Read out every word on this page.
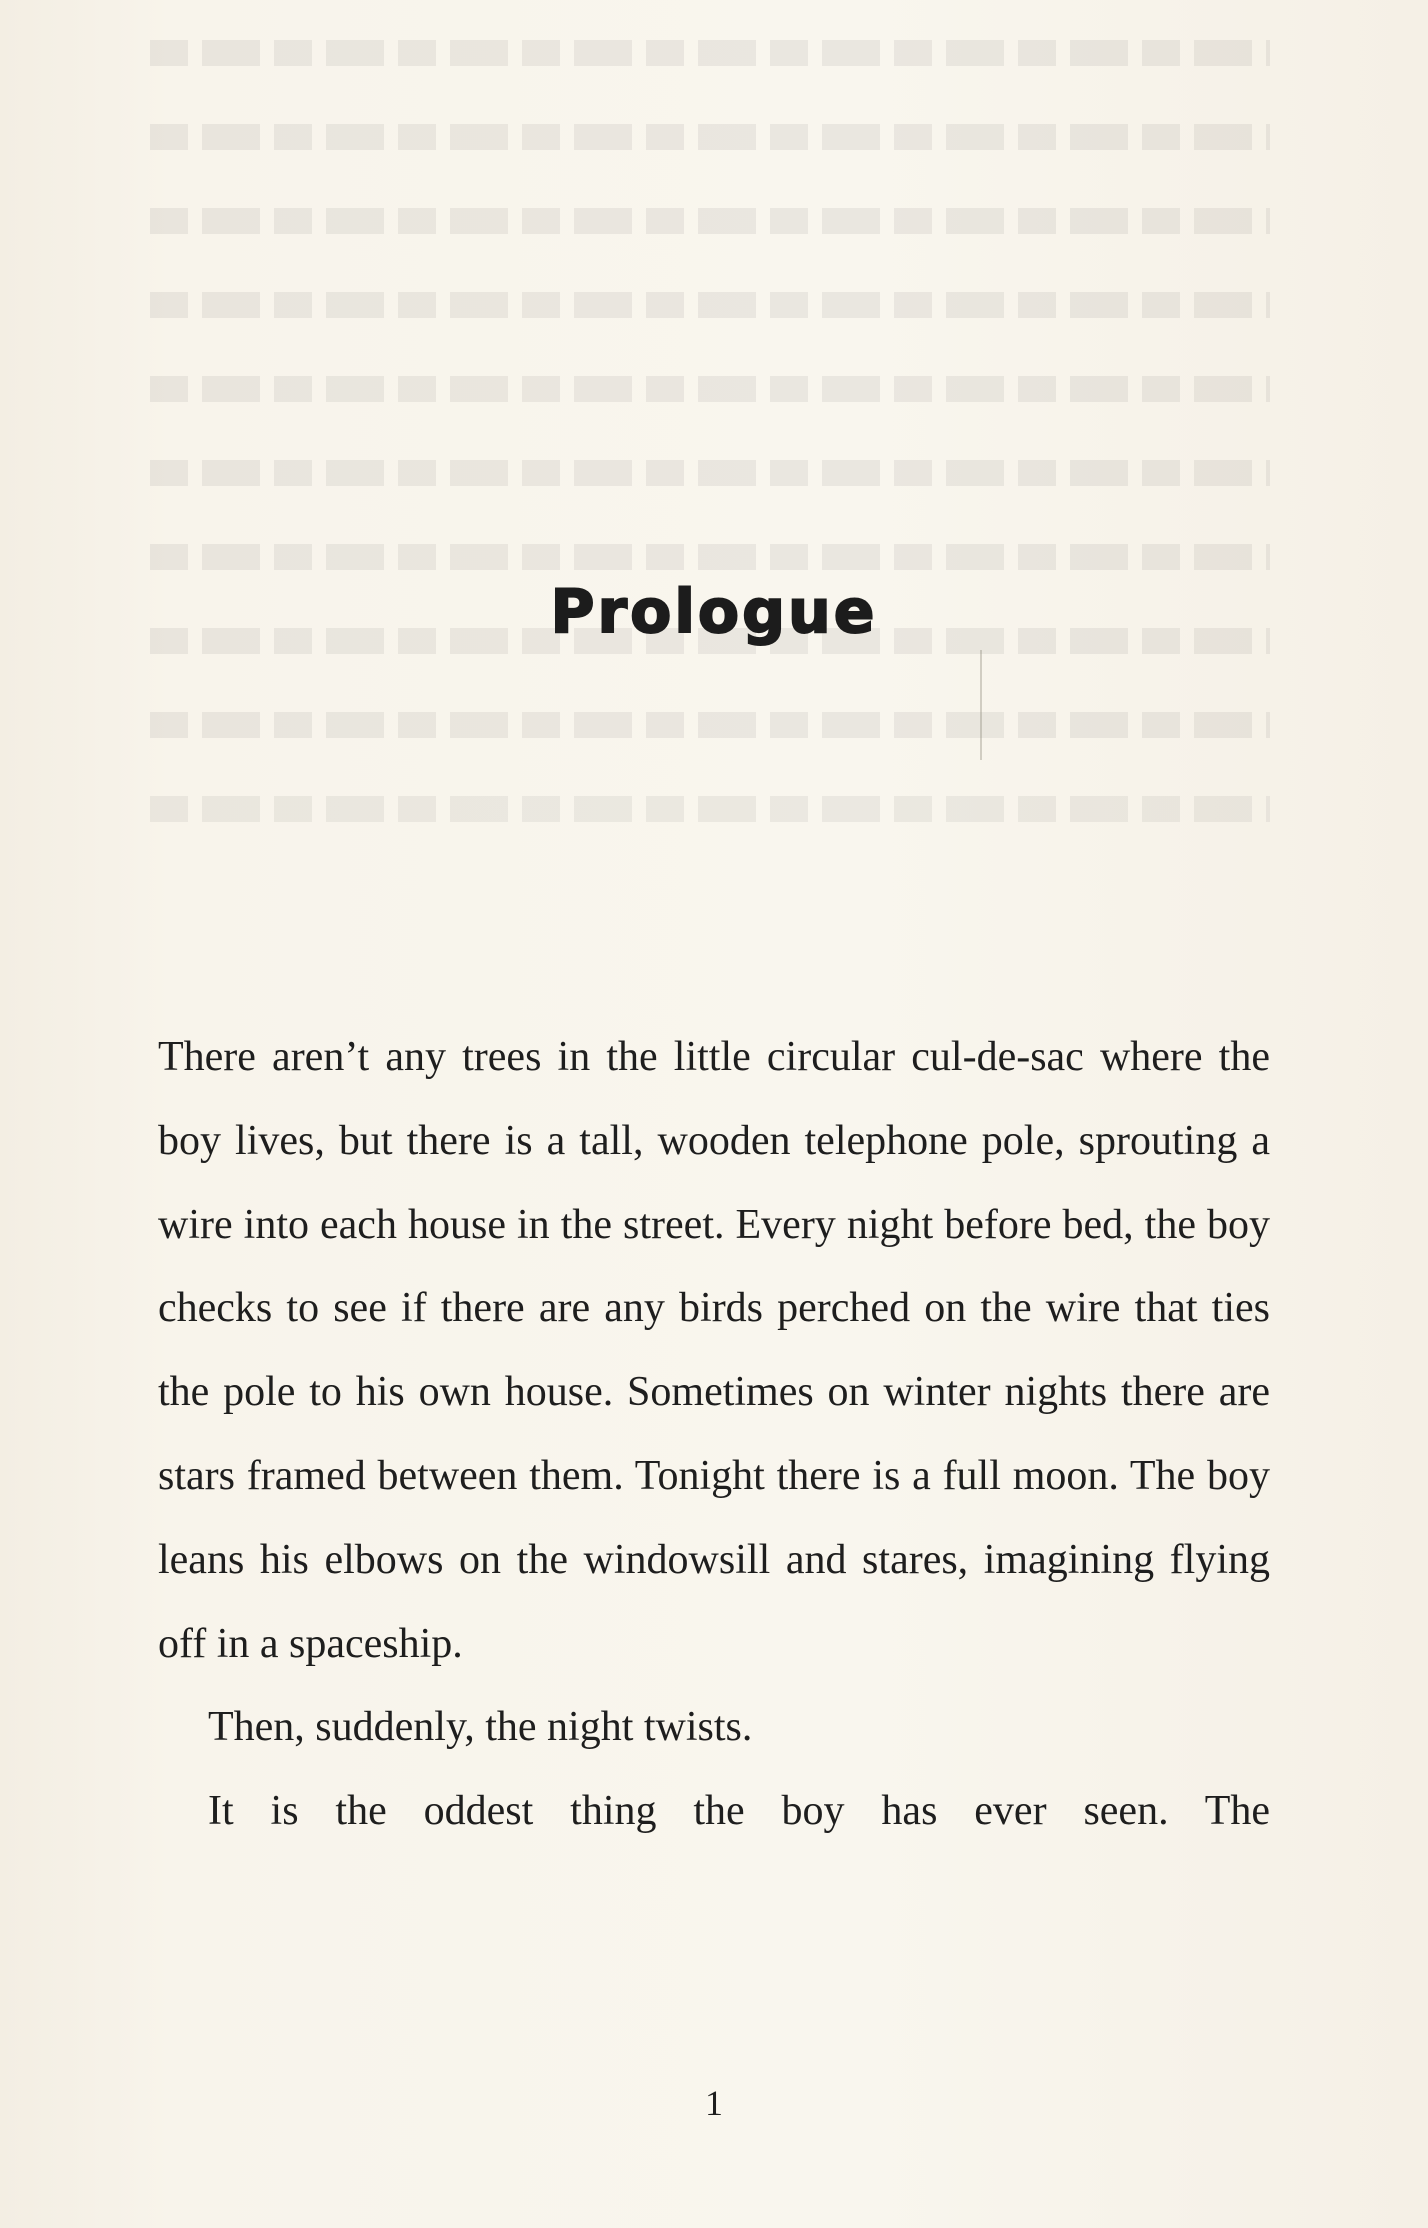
Prologue

There aren’t any trees in the little circular cul-de-sac where the boy lives, but there is a tall, wooden telephone pole, sprouting a wire into each house in the street. Every night before bed, the boy checks to see if there are any birds perched on the wire that ties the pole to his own house. Sometimes on winter nights there are stars framed between them. Tonight there is a full moon. The boy leans his elbows on the windowsill and stares, imagining flying off in a spaceship.

Then, suddenly, the night twists.

It is the oddest thing the boy has ever seen. The

1
